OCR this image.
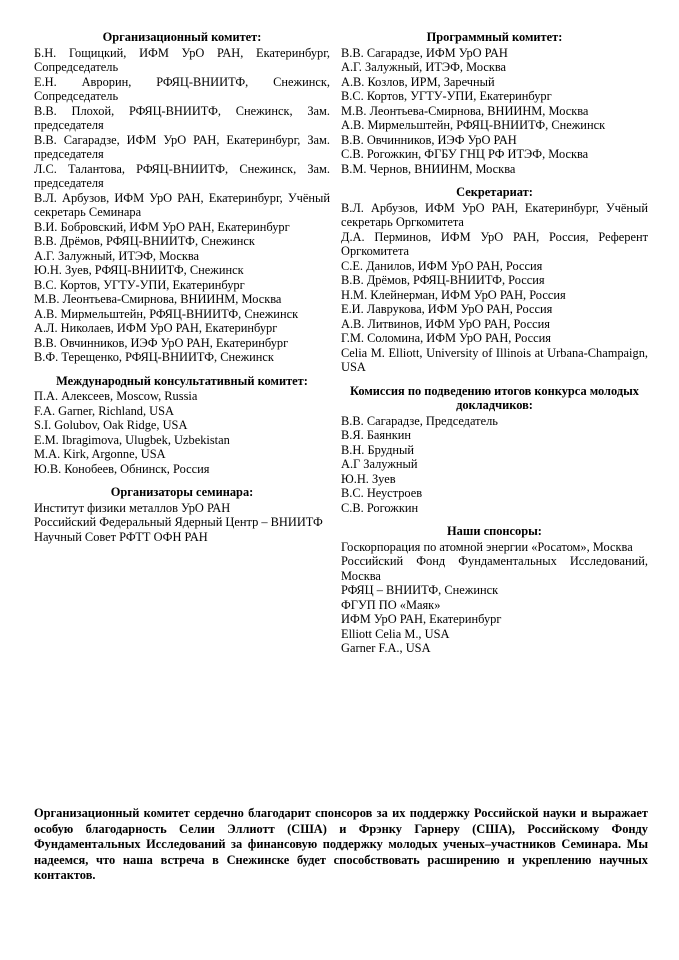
Организационный комитет:
Б.Н. Гощицкий, ИФМ УрО РАН, Екатеринбург, Сопредседатель
Е.Н. Аврорин, РФЯЦ-ВНИИТФ, Снежинск, Сопредседатель
В.В. Плохой, РФЯЦ-ВНИИТФ, Снежинск, Зам. председателя
В.В. Сагарадзе, ИФМ УрО РАН, Екатеринбург, Зам. председателя
Л.С. Талантова, РФЯЦ-ВНИИТФ, Снежинск, Зам. председателя
В.Л. Арбузов, ИФМ УрО РАН, Екатеринбург, Учёный секретарь Семинара
В.И. Бобровский, ИФМ УрО РАН, Екатеринбург
В.В. Дрёмов, РФЯЦ-ВНИИТФ, Снежинск
А.Г. Залужный, ИТЭФ, Москва
Ю.Н. Зуев, РФЯЦ-ВНИИТФ, Снежинск
В.С. Кортов, УГТУ-УПИ, Екатеринбург
М.В. Леонтьева-Смирнова, ВНИИНМ, Москва
А.В. Мирмельштейн, РФЯЦ-ВНИИТФ, Снежинск
А.Л. Николаев, ИФМ УрО РАН, Екатеринбург
В.В. Овчинников, ИЭФ УрО РАН, Екатеринбург
В.Ф. Терещенко, РФЯЦ-ВНИИТФ, Снежинск
Международный консультативный комитет:
П.А. Алексеев, Moscow, Russia
F.A. Garner, Richland, USA
S.I. Golubov, Oak Ridge, USA
E.M. Ibragimova, Ulugbek, Uzbekistan
M.A. Kirk, Argonne, USA
Ю.В. Конобеев, Обнинск, Россия
Организаторы семинара:
Институт физики металлов УрО РАН
Российский Федеральный Ядерный Центр – ВНИИТФ
Научный Совет РФТТ ОФН РАН
Программный комитет:
В.В. Сагарадзе, ИФМ УрО РАН
А.Г. Залужный, ИТЭФ, Москва
А.В. Козлов, ИРМ, Заречный
В.С. Кортов, УГТУ-УПИ, Екатеринбург
М.В. Леонтьева-Смирнова, ВНИИНМ, Москва
А.В. Мирмельштейн, РФЯЦ-ВНИИТФ, Снежинск
В.В. Овчинников, ИЭФ УрО РАН
С.В. Рогожкин, ФГБУ ГНЦ РФ ИТЭФ, Москва
В.М. Чернов, ВНИИНМ, Москва
Секретариат:
В.Л. Арбузов, ИФМ УрО РАН, Екатеринбург, Учёный секретарь Оргкомитета
Д.А. Перминов, ИФМ УрО РАН, Россия, Референт Оргкомитета
С.Е. Данилов, ИФМ УрО РАН, Россия
В.В. Дрёмов, РФЯЦ-ВНИИТФ, Россия
Н.М. Клейнерман, ИФМ УрО РАН, Россия
Е.И. Лаврукова, ИФМ УрО РАН, Россия
А.В. Литвинов, ИФМ УрО РАН, Россия
Г.М. Соломина, ИФМ УрО РАН, Россия
Celia M. Elliott, University of Illinois at Urbana-Champaign, USA
Комиссия по подведению итогов конкурса молодых докладчиков:
В.В. Сагарадзе, Председатель
В.Я. Баянкин
В.Н. Брудный
А.Г Залужный
Ю.Н. Зуев
В.С. Неустроев
С.В. Рогожкин
Наши спонсоры:
Госкорпорация по атомной энергии «Росатом», Москва
Российский Фонд Фундаментальных Исследований, Москва
РФЯЦ – ВНИИТФ, Снежинск
ФГУП ПО «Маяк»
ИФМ УрО РАН, Екатеринбург
Elliott Celia M., USA
Garner F.A., USA
Организационный комитет сердечно благодарит спонсоров за их поддержку Российской науки и выражает особую благодарность Селии Эллиотт (США) и Фрэнку Гарнеру (США), Российскому Фонду Фундаментальных Исследований за финансовую поддержку молодых ученых–участников Семинара. Мы надеемся, что наша встреча в Снежинске будет способствовать расширению и укреплению научных контактов.
